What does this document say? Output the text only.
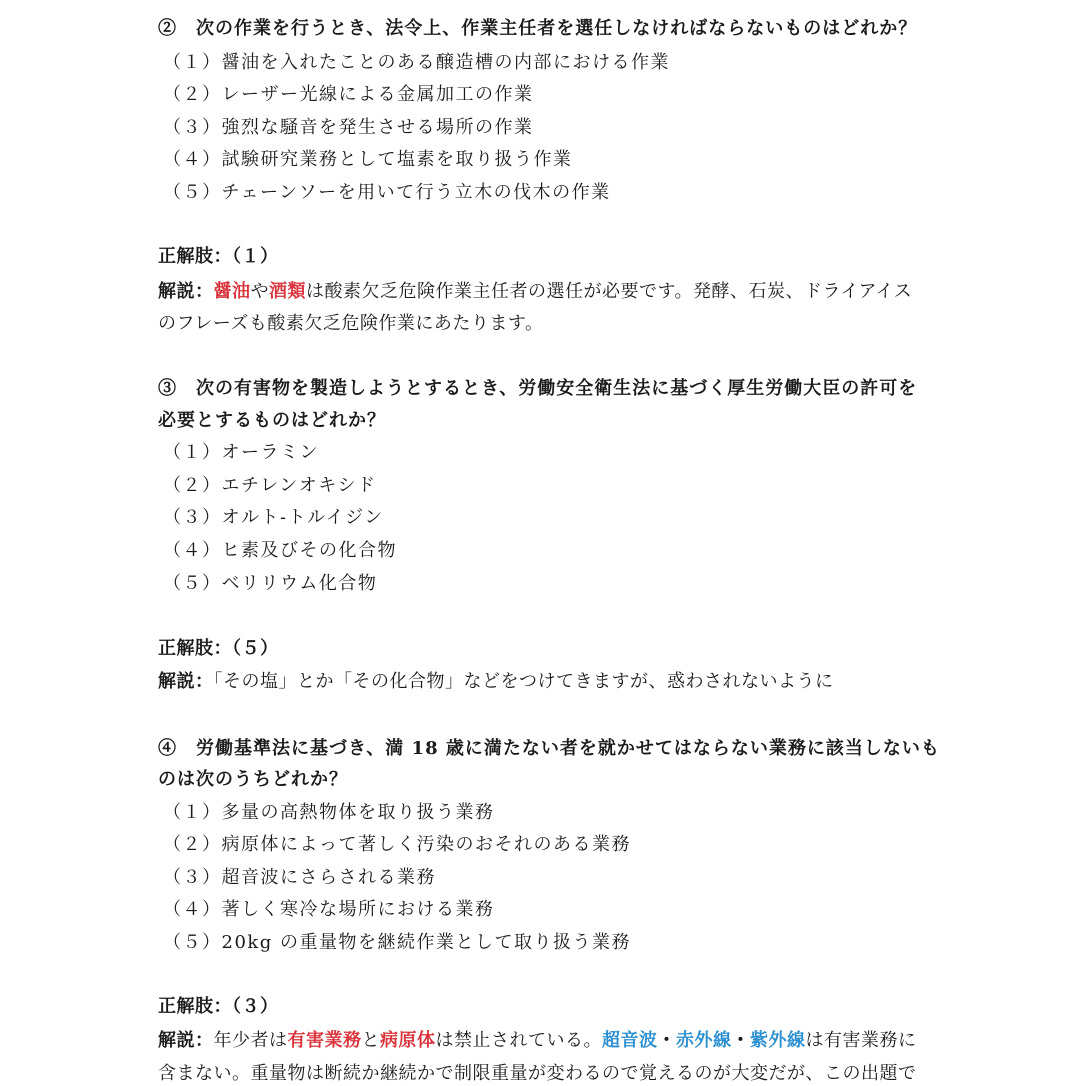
②　次の作業を行うとき、法令上、作業主任者を選任しなければならないものはどれか？
（１）醤油を入れたことのある醸造槽の内部における作業
（２）レーザー光線による金属加工の作業
（３）強烈な騒音を発生させる場所の作業
（４）試験研究業務として塩素を取り扱う作業
（５）チェーンソーを用いて行う立木の伐木の作業
正解肢：（１）
解説：醤油や酒類は酸素欠乏危険作業主任者の選任が必要です。発酵、石炭、ドライアイス
のフレーズも酸素欠乏危険作業にあたります。
③　次の有害物を製造しようとするとき、労働安全衛生法に基づく厚生労働大臣の許可を
必要とするものはどれか？
（１）オーラミン
（２）エチレンオキシド
（３）オルト-トルイジン
（４）ヒ素及びその化合物
（５）ベリリウム化合物
正解肢：（５）
解説：「その塩」とか「その化合物」などをつけてきますが、惑わされないように
④　労働基準法に基づき、満 18 歳に満たない者を就かせてはならない業務に該当しないも
のは次のうちどれか？
（１）多量の高熱物体を取り扱う業務
（２）病原体によって著しく汚染のおそれのある業務
（３）超音波にさらされる業務
（４）著しく寒冷な場所における業務
（５）20kg の重量物を継続作業として取り扱う業務
正解肢：（３）
解説：年少者は有害業務と病原体は禁止されている。超音波・赤外線・紫外線は有害業務に
含まない。重量物は断続か継続かで制限重量が変わるので覚えるのが大変だが、この出題で
